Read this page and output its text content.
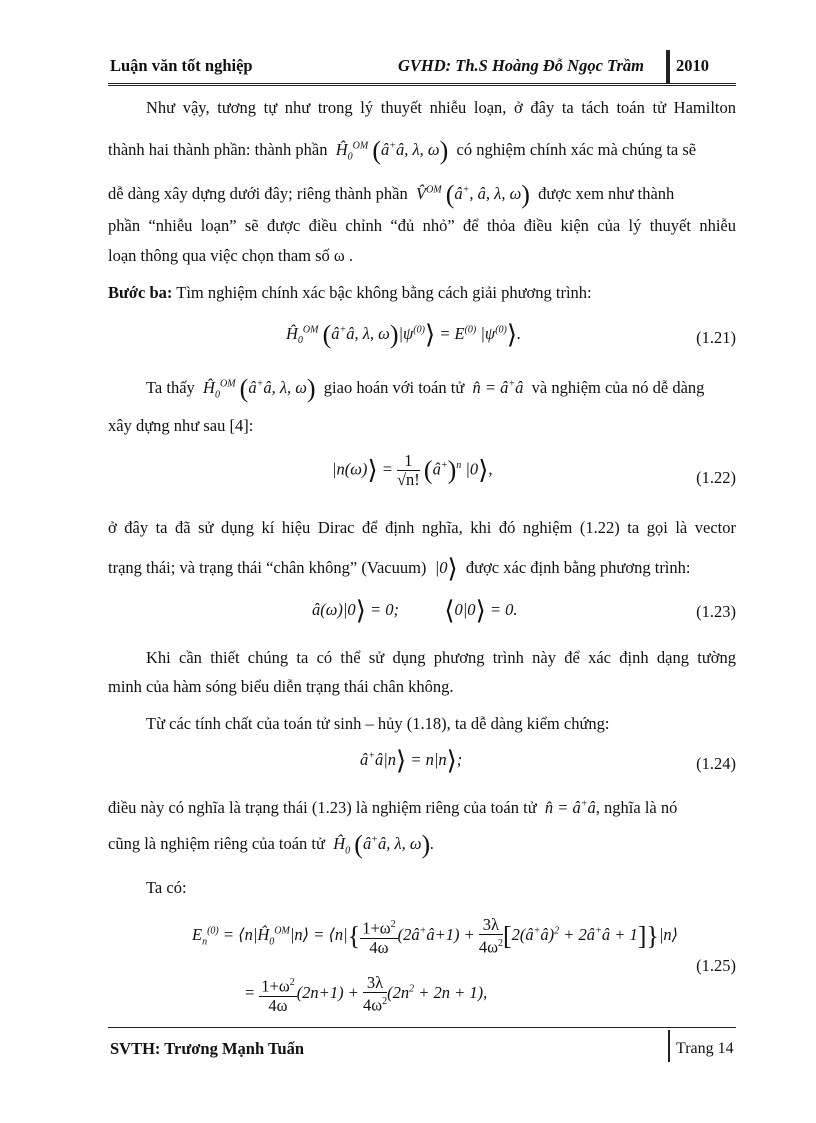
Luận văn tốt nghiệp	GVHD: Th.S Hoàng Đỗ Ngọc Trầm 2010
Như vậy, tương tự như trong lý thuyết nhiễu loạn, ở đây ta tách toán tử Hamilton
thành hai thành phần: thành phần  $Ĥ_0^{OM}$ (â+â, λ, ω) có nghiệm chính xác mà chúng ta sẽ
dễ dàng xây dựng dưới đây; riêng thành phần  V̂$^{OM}$ (â+, â, λ, ω) được xem như thành
phần “nhiễu loạn” sẽ được điều chỉnh “đủ nhỏ” để thỏa điều kiện của lý thuyết nhiễu
loạn thông qua việc chọn tham số ω .
Bước ba: Tìm nghiệm chính xác bậc không bằng cách giải phương trình:
$Ĥ_0^{OM}$ (â+â, λ, $\omega)|\psi^{(0)}⟩ = E^{(0)}$ $|\psi^{(0)}⟩$.	(1.21)
Ta thấy  $Ĥ_0^{OM}$ (â+â, λ, ω) giao hoán với toán tử  n̂ = â+â  và nghiệm của nó dễ dàng
xây dựng như sau [4]:
|n(ω)⟩ = $\frac{1}{√n!}$ (â+)$^n$ |0⟩,	(1.22)
ở đây ta đã sử dụng kí hiệu Dirac để định nghĩa, khi đó nghiệm (1.22) ta gọi là vector
trạng thái; và trạng thái “chân không” (Vacuum)  |0⟩ được xác định bằng phương trình:
â(ω)|0⟩ = 0;           ⟨0|0⟩ = 0.	(1.23)
Khi cần thiết chúng ta có thể sử dụng phương trình này để xác định dạng tường
minh của hàm sóng biểu diễn trạng thái chân không.
Từ các tính chất của toán tử sinh – hủy (1.18), ta dễ dàng kiểm chứng:
â+â|n⟩ = n|n⟩;	(1.24)
điều này có nghĩa là trạng thái (1.23) là nghiệm riêng của toán tử  n̂ = â+â, nghĩa là nó
cũng là nghiệm riêng của toán tử  $Ĥ_0$ (â+â, λ, ω).
Ta có:
$E_n^{(0)}$ = $⟨n|Ĥ_0^{OM}|n⟩$ = ⟨n|{ $\frac{1+\omega^2}{4\omega}$ (2â+â+1) + $\frac{3\lambda}{4\omega^2}$ [2(â+â)$^2$ + 2â+â + 1]}|n⟩
= $\frac{1+\omega^2}{4\omega} (2n+1) + \frac{3\lambda}{4\omega^2} (2n^2 + 2n + 1)$,
(1.25)
SVTH: Trương Mạnh Tuấn	Trang 14
